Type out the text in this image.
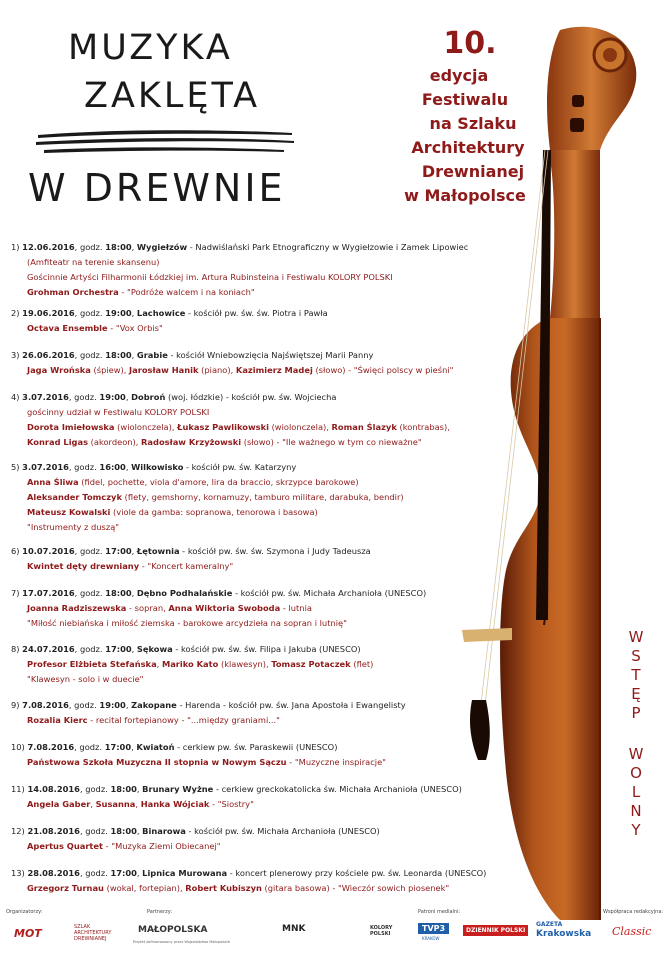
MUZYKA
ZAKLĘTA
W DREWNIE
10.
edycja
Festiwalu
na Szlaku
Architektury
Drewnianej
w Małopolsce
1) 12.06.2016, godz. 18:00, Wygiełzów - Nadwiślański Park Etnograficzny w Wygiełzowie i Zamek Lipowiec
(Amfiteatr na terenie skansenu)
Gościnnie Artyści Filharmonii Łódzkiej im. Artura Rubinsteina i Festiwalu KOLORY POLSKI
Grohman Orchestra - "Podróże walcem i na koniach"
2) 19.06.2016, godz. 19:00, Lachowice - kościół pw. św. św. Piotra i Pawła
Octava Ensemble - "Vox Orbis"
3) 26.06.2016, godz. 18:00, Grabie - kościół Wniebowzięcia Najświętszej Marii Panny
Jaga Wrońska (śpiew), Jarosław Hanik (piano), Kazimierz Madej (słowo) - "Święci polscy w pieśni"
4) 3.07.2016, godz. 19:00, Dobroń (woj. łódzkie) - kościół pw. św. Wojciecha
gościnny udział w Festiwalu KOLORY POLSKI
Dorota Imiełowska (wiolonczela), Łukasz Pawlikowski (wiolonczela), Roman Ślazyk (kontrabas),
Konrad Ligas (akordeon), Radosław Krzyżowski (słowo) - "Ile ważnego w tym co nieważne"
5) 3.07.2016, godz. 16:00, Wilkowisko - kościół pw. św. Katarzyny
Anna Śliwa (fidel, pochette, viola d'amore, lira da braccio, skrzypce barokowe)
Aleksander Tomczyk (flety, gemshorny, kornamuzy, tamburo militare, darabuka, bendir)
Mateusz Kowalski (viole da gamba: sopranowa, tenorowa i basowa)
"Instrumenty z duszą"
6) 10.07.2016, godz. 17:00, Łętownia - kościół pw. św. św. Szymona i Judy Tadeusza
Kwintet dęty drewniany - "Koncert kameralny"
7) 17.07.2016, godz. 18:00, Dębno Podhalańskie - kościół pw. św. Michała Archanioła (UNESCO)
Joanna Radziszewska - sopran, Anna Wiktoria Swoboda - lutnia
"Miłość niebiańska i miłość ziemska - barokowe arcydzieła na sopran i lutnię"
8) 24.07.2016, godz. 17:00, Sękowa - kościół pw. św. św. Filipa i Jakuba (UNESCO)
Profesor Elżbieta Stefańska, Mariko Kato (klawesyn), Tomasz Potaczek (flet)
"Klawesyn - solo i w duecie"
9) 7.08.2016, godz. 19:00, Zakopane - Harenda - kościół pw. św. Jana Apostoła i Ewangelisty
Rozalia Kierc - recital fortepianowy - "...między graniami..."
10) 7.08.2016, godz. 17:00, Kwiatoń - cerkiew pw. św. Paraskewii (UNESCO)
Państwowa Szkoła Muzyczna II stopnia w Nowym Sączu - "Muzyczne inspiracje"
11) 14.08.2016, godz. 18:00, Brunary Wyżne - cerkiew greckokatolicka św. Michała Archanioła (UNESCO)
Angela Gaber, Susanna, Hanka Wójciak - "Siostry"
12) 21.08.2016, godz. 18:00, Binarowa - kościół pw. św. Michała Archanioła (UNESCO)
Apertus Quartet - "Muzyka Ziemi Obiecanej"
13) 28.08.2016, godz. 17:00, Lipnica Murowana - koncert plenerowy przy kościele pw. św. Leonarda (UNESCO)
Grzegorz Turnau (wokal, fortepian), Robert Kubiszyn (gitara basowa) - "Wieczór sowich piosenek"
W
S
T
Ę
P
W
O
L
N
Y
Organizatorzy:	Partnerzy:	Patroni medialni:	Współpraca redakcyjna:
MOT	SZLAK ARCHITEKTURY DREWNIANEJ
MAŁOPOLSKA
Projekt dofinansowany przez Województwo Małopolskie
MNK	KOLORY POLSKI
TVP3
KRAKÓW
DZIENNIK POLSKI
GAZETA
Krakowska Classic
